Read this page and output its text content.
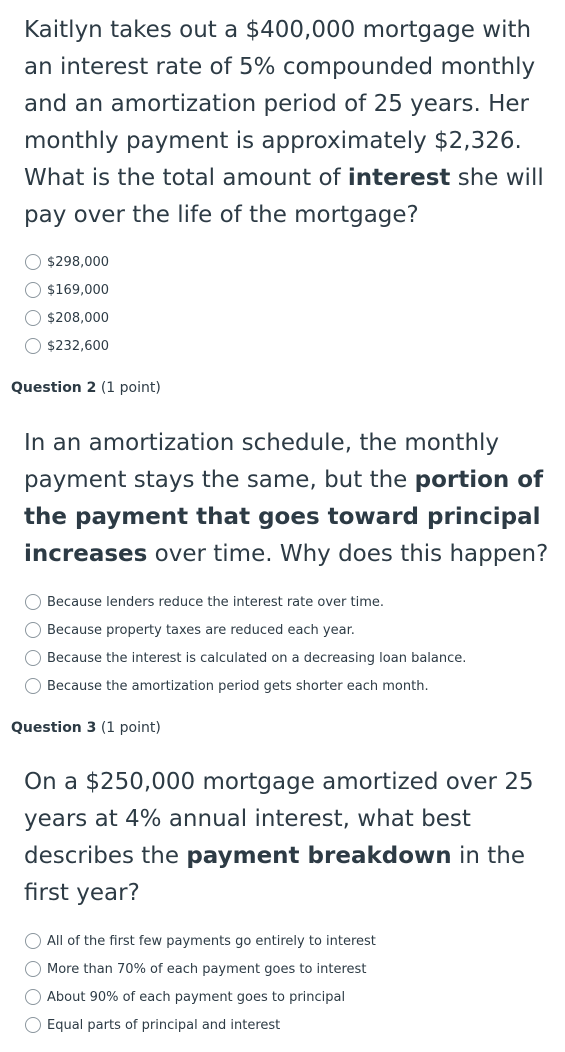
Kaitlyn takes out a $400,000 mortgage with an interest rate of 5% compounded monthly and an amortization period of 25 years. Her monthly payment is approximately $2,326. What is the total amount of interest she will pay over the life of the mortgage?

$298,000
$169,000
$208,000
$232,600
Question 2 (1 point)

In an amortization schedule, the monthly payment stays the same, but the portion of the payment that goes toward principal increases over time. Why does this happen?

Because lenders reduce the interest rate over time.
Because property taxes are reduced each year.
Because the interest is calculated on a decreasing loan balance.
Because the amortization period gets shorter each month.
Question 3 (1 point)

On a $250,000 mortgage amortized over 25 years at 4% annual interest, what best describes the payment breakdown in the first year?

All of the first few payments go entirely to interest
More than 70% of each payment goes to interest
About 90% of each payment goes to principal
Equal parts of principal and interest
